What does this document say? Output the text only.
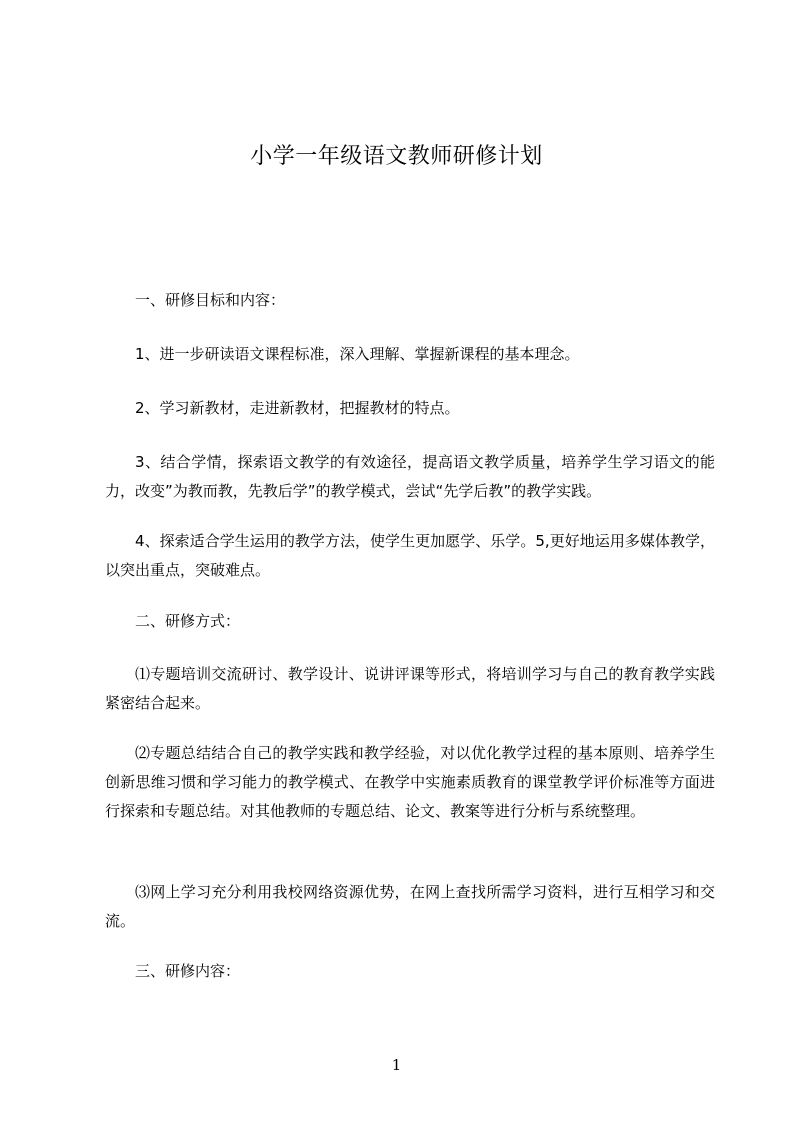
小学一年级语文教师研修计划

一、研修目标和内容：

1、进一步研读语文课程标准，深入理解、掌握新课程的基本理念。

2、学习新教材，走进新教材，把握教材的特点。

3、结合学情，探索语文教学的有效途径，提高语文教学质量，培养学生学习语文的能力，改变”为教而教，先教后学”的教学模式，尝试“先学后教”的教学实践。

4、探索适合学生运用的教学方法，使学生更加愿学、乐学。5,更好地运用多媒体教学，以突出重点，突破难点。

二、研修方式：

⑴专题培训交流研讨、教学设计、说讲评课等形式，将培训学习与自己的教育教学实践紧密结合起来。

⑵专题总结结合自己的教学实践和教学经验，对以优化教学过程的基本原则、培养学生创新思维习惯和学习能力的教学模式、在教学中实施素质教育的课堂教学评价标准等方面进行探索和专题总结。对其他教师的专题总结、论文、教案等进行分析与系统整理。

⑶网上学习充分利用我校网络资源优势，在网上查找所需学习资料，进行互相学习和交流。

三、研修内容：

1
